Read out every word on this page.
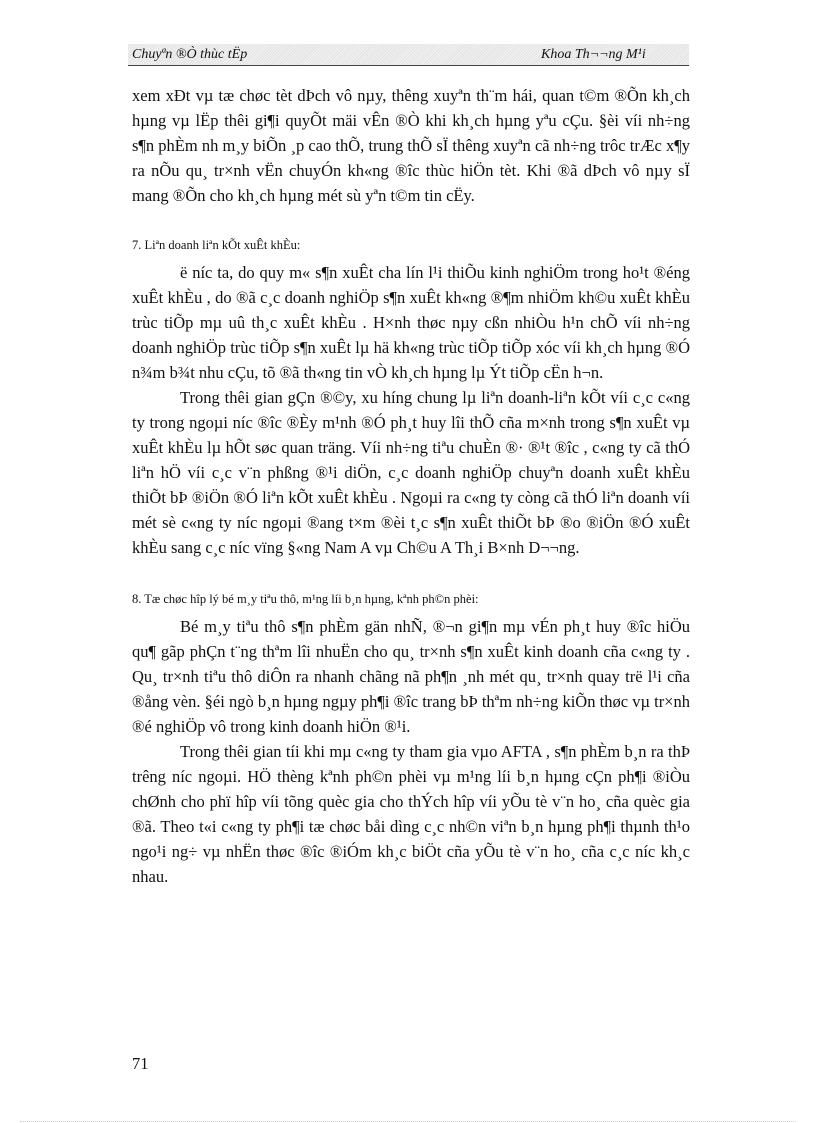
Chuyªn ®Ò thùc tËp	Khoa Th¬¬ng M¹i

xem xÐt vµ tæ chøc tèt dÞch vô nµy, thêng xuyªn th¨m hái, quan t©m ®Õn kh¸ch hµng vµ lËp thêi gi¶i quyÕt mäi vÊn ®Ò khi kh¸ch hµng yªu cÇu. §èi víi nh÷ng s¶n phÈm nh m¸y biÕn ¸p cao thÕ, trung thÕ sÏ thêng xuyªn cã nh÷ng trôc trÆc x¶y ra nÕu qu¸ tr×nh vËn chuyÓn kh«ng ®îc thùc hiÖn tèt. Khi ®ã dÞch vô nµy sÏ mang ®Õn cho kh¸ch hµng mét sù yªn t©m tin cËy.

7. Liªn doanh liªn kÕt xuÊt khÈu:

ë níc ta, do quy m« s¶n xuÊt cha lín l¹i thiÕu kinh nghiÖm trong ho¹t ®éng xuÊt khÈu , do ®ã c¸c doanh nghiÖp s¶n xuÊt kh«ng ®¶m nhiÖm kh©u xuÊt khÈu trùc tiÕp mµ uû th¸c xuÊt khÈu . H×nh thøc nµy cßn nhiÒu h¹n chÕ víi nh÷ng doanh nghiÖp trùc tiÕp s¶n xuÊt lµ hä kh«ng trùc tiÕp tiÕp xóc víi kh¸ch hµng ®Ó n¾m b¾t nhu cÇu, tõ ®ã th«ng tin vÒ kh¸ch hµng lµ Ýt tiÕp cËn h¬n.

Trong thêi gian gÇn ®©y, xu híng chung lµ liªn doanh-liªn kÕt víi c¸c c«ng ty trong ngoµi níc ®îc ®Èy m¹nh ®Ó ph¸t huy lîi thÕ cña m×nh trong s¶n xuÊt vµ xuÊt khÈu lµ hÕt søc quan träng. Víi nh÷ng tiªu chuÈn ®· ®¹t ®îc , c«ng ty cã thÓ liªn hÖ víi c¸c v¨n phßng ®¹i diÖn, c¸c doanh nghiÖp chuyªn doanh xuÊt khÈu thiÕt bÞ ®iÖn ®Ó liªn kÕt xuÊt khÈu . Ngoµi ra c«ng ty còng cã thÓ liªn doanh víi mét sè c«ng ty níc ngoµi ®ang t×m ®èi t¸c s¶n xuÊt thiÕt bÞ ®o ®iÖn ®Ó xuÊt khÈu sang c¸c níc vïng §«ng Nam A vµ Ch©u A Th¸i B×nh D¬¬ng.

8. Tæ chøc hîp lý bé m¸y tiªu thô, m¹ng líi b¸n hµng, kªnh ph©n phèi:

Bé m¸y tiªu thô s¶n phÈm gän nhÑ, ®¬n gi¶n mµ vÉn ph¸t huy ®îc hiÖu qu¶ gãp phÇn t¨ng thªm lîi nhuËn cho qu¸ tr×nh s¶n xuÊt kinh doanh cña c«ng ty . Qu¸ tr×nh tiªu thô diÔn ra nhanh chãng nã ph¶n ¸nh mét qu¸ tr×nh quay trë l¹i cña ®ång vèn. §éi ngò b¸n hµng ngµy ph¶i ®îc trang bÞ thªm nh÷ng kiÕn thøc vµ tr×nh ®é nghiÖp vô trong kinh doanh hiÖn ®¹i.

Trong thêi gian tíi khi mµ c«ng ty tham gia vµo AFTA , s¶n phÈm b¸n ra thÞ trêng níc ngoµi. HÖ thèng kªnh ph©n phèi vµ m¹ng líi b¸n hµng cÇn ph¶i ®iÒu chØnh cho phï hîp víi tõng quèc gia cho thÝch hîp víi yÕu tè v¨n ho¸ cña quèc gia ®ã. Theo t«i c«ng ty ph¶i tæ chøc båi dìng c¸c nh©n viªn b¸n hµng ph¶i thµnh th¹o ngo¹i ng÷ vµ nhËn thøc ®îc ®iÓm kh¸c biÖt cña yÕu tè v¨n ho¸ cña c¸c níc kh¸c nhau.

71
